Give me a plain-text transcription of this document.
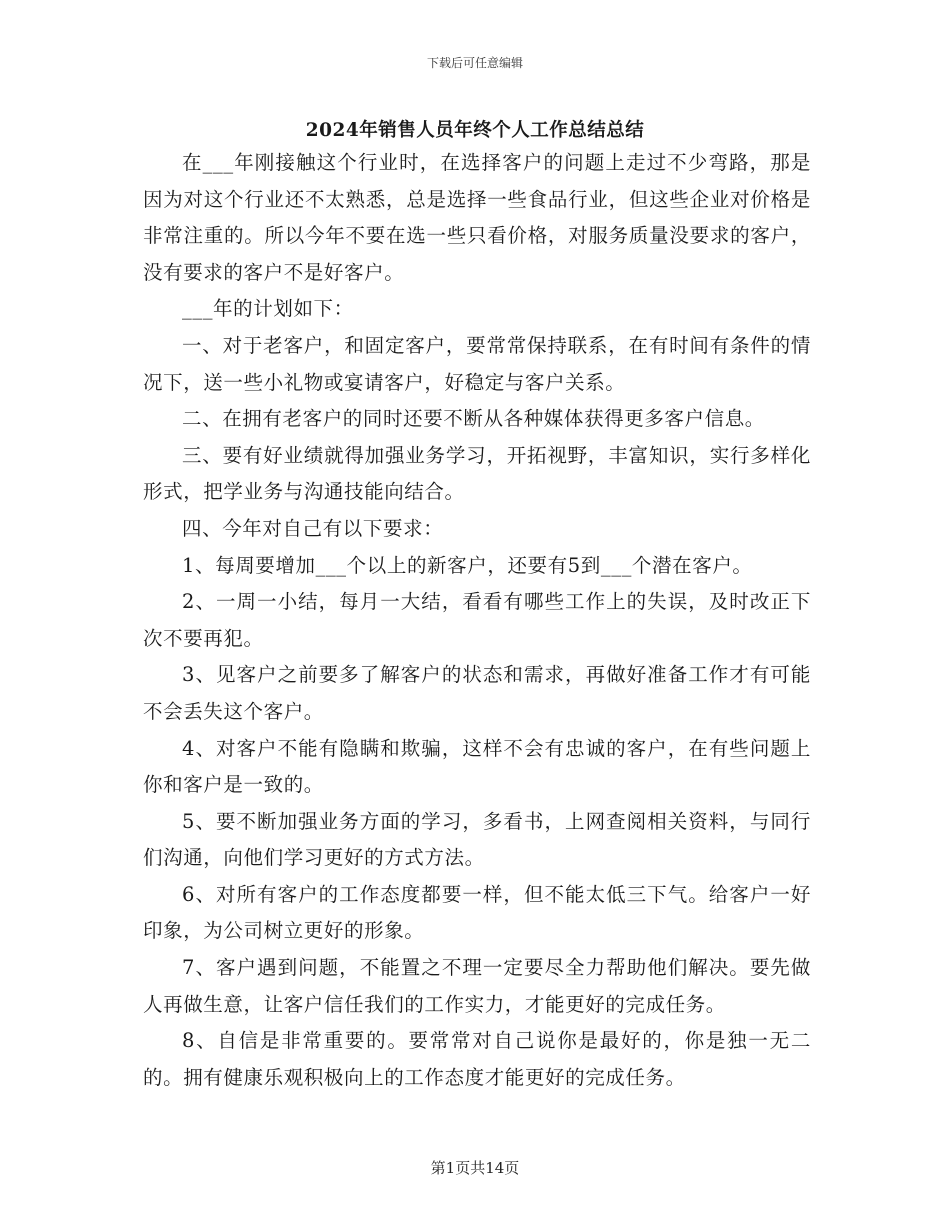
下载后可任意编辑
2024年销售人员年终个人工作总结总结

在___年刚接触这个行业时，在选择客户的问题上走过不少弯路，那是因为对这个行业还不太熟悉，总是选择一些食品行业，但这些企业对价格是非常注重的。所以今年不要在选一些只看价格，对服务质量没要求的客户，没有要求的客户不是好客户。

___年的计划如下：

一、对于老客户，和固定客户，要常常保持联系，在有时间有条件的情况下，送一些小礼物或宴请客户，好稳定与客户关系。

二、在拥有老客户的同时还要不断从各种媒体获得更多客户信息。

三、要有好业绩就得加强业务学习，开拓视野，丰富知识，实行多样化形式，把学业务与沟通技能向结合。

四、今年对自己有以下要求：

1、每周要增加___个以上的新客户，还要有5到___个潜在客户。

2、一周一小结，每月一大结，看看有哪些工作上的失误，及时改正下次不要再犯。

3、见客户之前要多了解客户的状态和需求，再做好准备工作才有可能不会丢失这个客户。

4、对客户不能有隐瞒和欺骗，这样不会有忠诚的客户，在有些问题上你和客户是一致的。

5、要不断加强业务方面的学习，多看书，上网查阅相关资料，与同行们沟通，向他们学习更好的方式方法。

6、对所有客户的工作态度都要一样，但不能太低三下气。给客户一好印象，为公司树立更好的形象。

7、客户遇到问题，不能置之不理一定要尽全力帮助他们解决。要先做人再做生意，让客户信任我们的工作实力，才能更好的完成任务。

8、自信是非常重要的。要常常对自己说你是最好的，你是独一无二的。拥有健康乐观积极向上的工作态度才能更好的完成任务。

第1页共14页
